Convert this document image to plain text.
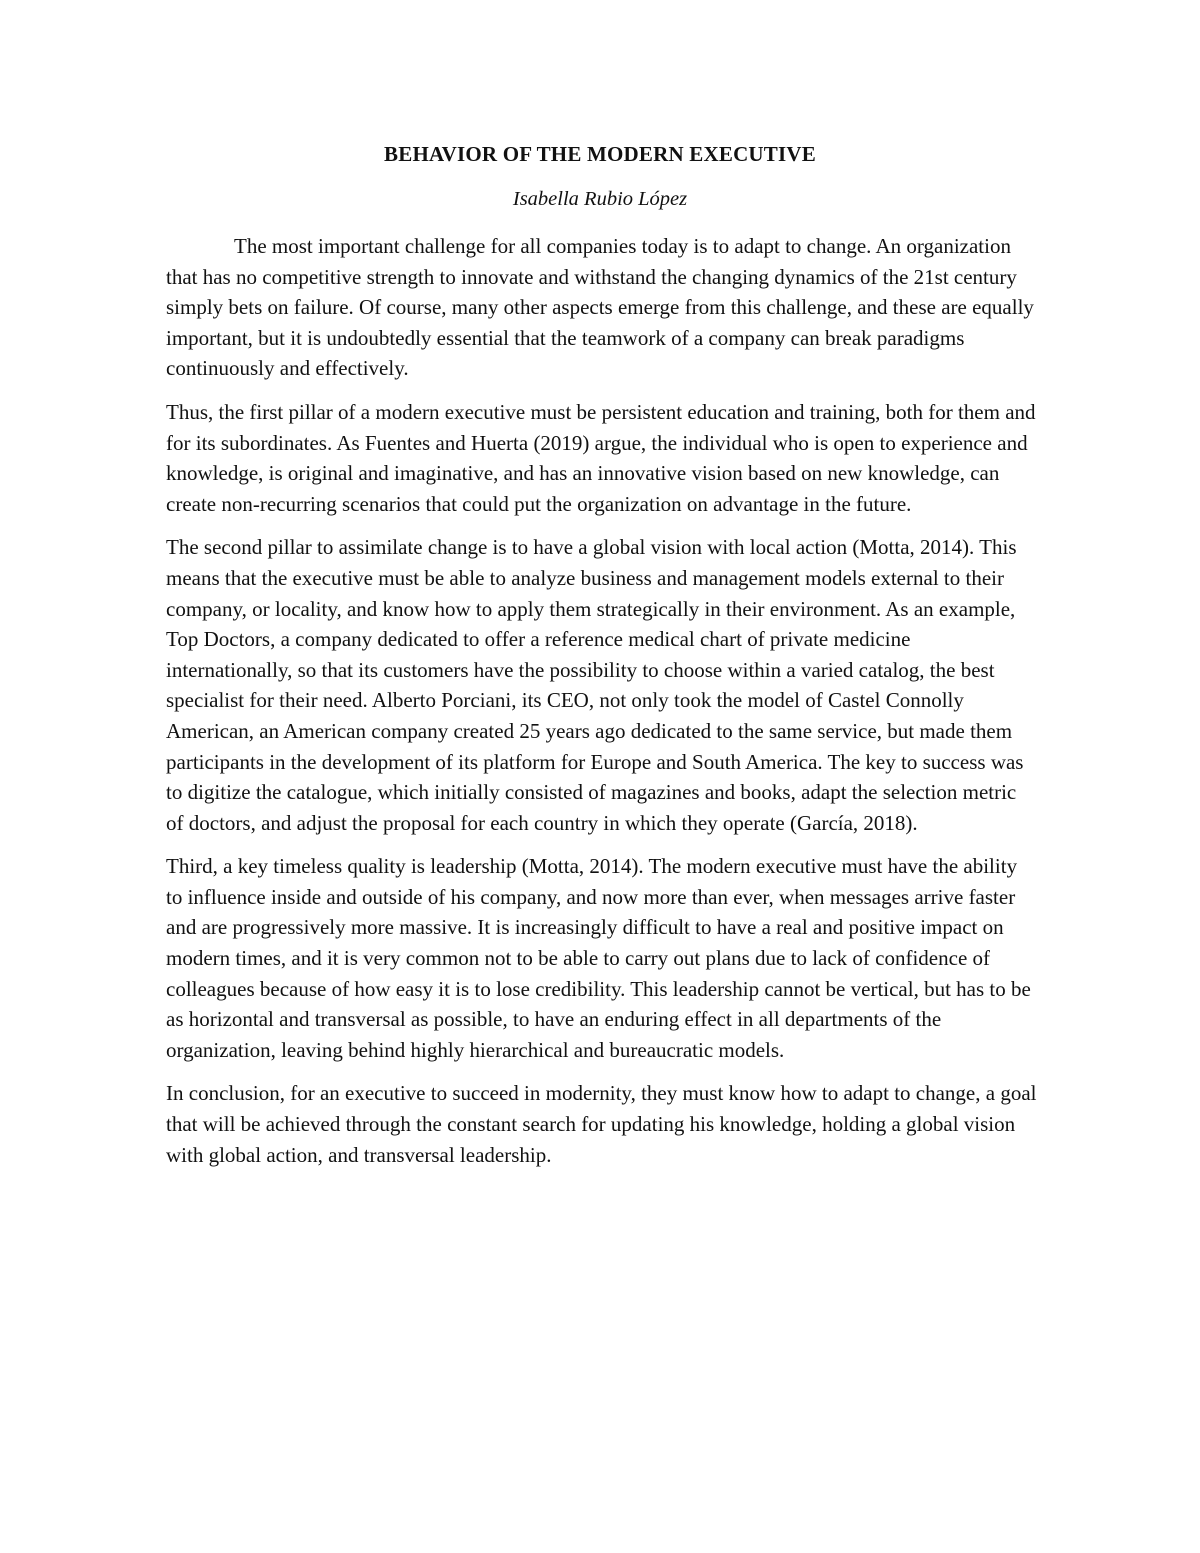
BEHAVIOR OF THE MODERN EXECUTIVE
Isabella Rubio López

The most important challenge for all companies today is to adapt to change. An organization that has no competitive strength to innovate and withstand the changing dynamics of the 21st century simply bets on failure. Of course, many other aspects emerge from this challenge, and these are equally important, but it is undoubtedly essential that the teamwork of a company can break paradigms continuously and effectively.

Thus, the first pillar of a modern executive must be persistent education and training, both for them and for its subordinates. As Fuentes and Huerta (2019) argue, the individual who is open to experience and knowledge, is original and imaginative, and has an innovative vision based on new knowledge, can create non-recurring scenarios that could put the organization on advantage in the future.

The second pillar to assimilate change is to have a global vision with local action (Motta, 2014). This means that the executive must be able to analyze business and management models external to their company, or locality, and know how to apply them strategically in their environment. As an example, Top Doctors, a company dedicated to offer a reference medical chart of private medicine internationally, so that its customers have the possibility to choose within a varied catalog, the best specialist for their need. Alberto Porciani, its CEO, not only took the model of Castel Connolly American, an American company created 25 years ago dedicated to the same service, but made them participants in the development of its platform for Europe and South America. The key to success was to digitize the catalogue, which initially consisted of magazines and books, adapt the selection metric of doctors, and adjust the proposal for each country in which they operate (García, 2018).

Third, a key timeless quality is leadership (Motta, 2014). The modern executive must have the ability to influence inside and outside of his company, and now more than ever, when messages arrive faster and are progressively more massive. It is increasingly difficult to have a real and positive impact on modern times, and it is very common not to be able to carry out plans due to lack of confidence of colleagues because of how easy it is to lose credibility. This leadership cannot be vertical, but has to be as horizontal and transversal as possible, to have an enduring effect in all departments of the organization, leaving behind highly hierarchical and bureaucratic models.

In conclusion, for an executive to succeed in modernity, they must know how to adapt to change, a goal that will be achieved through the constant search for updating his knowledge, holding a global vision with global action, and transversal leadership.
